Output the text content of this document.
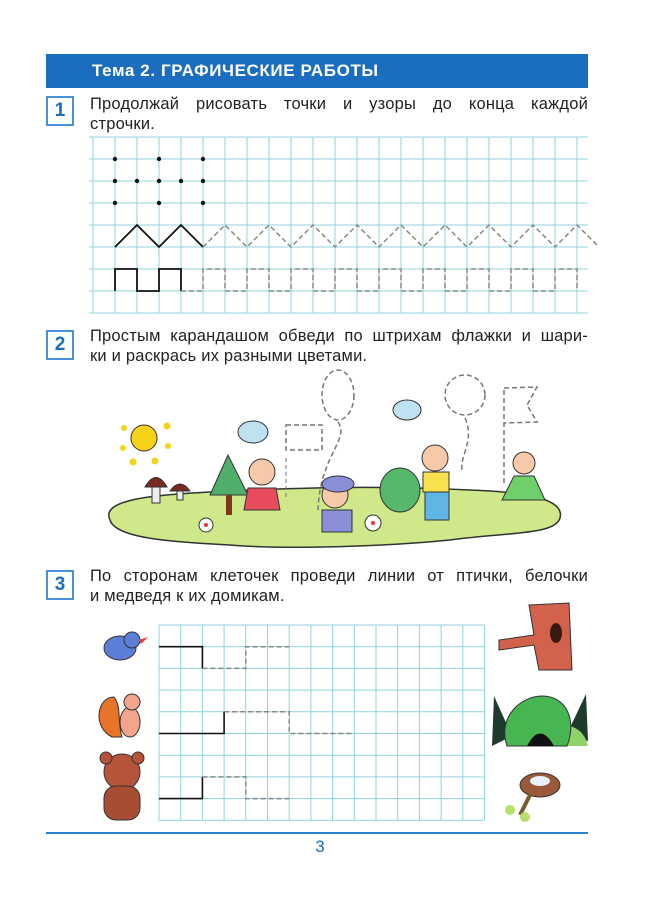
Тема 2. ГРАФИЧЕСКИЕ РАБОТЫ
1	Продолжай рисовать точки и узоры до конца каждой
строчки.
2	Простым карандашом обведи по штрихам флажки и шари-
ки и раскрась их разными цветами.
3	По сторонам клеточек проведи линии от птички, белочки
и медведя к их домикам.
3
